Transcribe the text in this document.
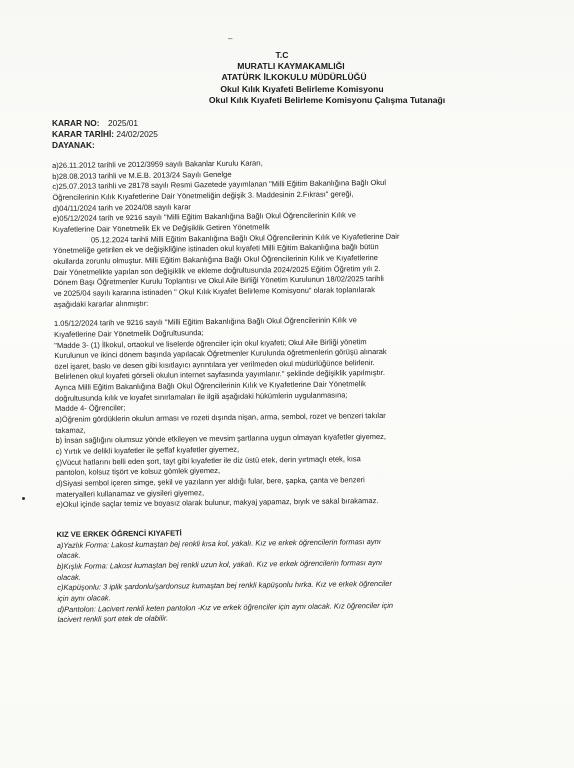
–
T.C
MURATLI KAYMAKAMLIĞI
ATATÜRK İLKOKULU MÜDÜRLÜĞÜ
Okul Kılık Kıyafeti Belirleme Komisyonu
Okul Kılık Kıyafeti Belirleme Komisyonu Çalışma Tutanağı
KARAR NO: 2025/01
KARAR TARİHİ: 24/02/2025
DAYANAK:
a)26.11.2012 tarihli ve 2012/3959 sayılı Bakanlar Kurulu Kararı,
b)28.08.2013 tarihli ve M.E.B. 2013/24 Sayılı Genelge
c)25.07.2013 tarihli ve 28178 sayılı Resmi Gazetede yayımlanan "Milli Eğitim Bakanlığına Bağlı Okul
Öğrencilerinin Kılık Kıyafetlerine Dair Yönetmeliğin değişik 3. Maddesinin 2.Fıkrası" gereği,
d)04/11/2024 tarih ve 2024/08 sayılı karar
e)05/12/2024 tarih ve 9216 sayılı "Milli Eğitim Bakanlığına Bağlı Okul Öğrencilerinin Kılık ve
Kıyafetlerine Dair Yönetmelik Ek ve Değişiklik Getiren Yönetmelik
05.12.2024 tarihli Milli Eğitim Bakanlığına Bağlı Okul Öğrencilerinin Kılık ve Kıyafetlerine Dair
Yönetmeliğe getirilen ek ve değişikliğine istinaden okul kıyafeti Milli Eğitim Bakanlığına bağlı bütün
okullarda zorunlu olmuştur. Milli Eğitim Bakanlığına Bağlı Okul Öğrencilerinin Kılık ve Kıyafetlerine
Dair Yönetmelikte yapılan son değişiklik ve ekleme doğrultusunda 2024/2025 Eğitim Öğretim yılı 2.
Dönem Başı Öğretmenler Kurulu Toplantısı ve Okul Aile Birliği Yönetim Kurulunun 18/02/2025 tarihli
ve 2025/04 sayılı kararına istinaden " Okul Kılık Kıyafet Belirleme Komisyonu" olarak toplanılarak
aşağıdaki kararlar alınmıştır:
1.05/12/2024 tarih ve 9216 sayılı "Milli Eğitim Bakanlığına Bağlı Okul Öğrencilerinin Kılık ve
Kıyafetlerine Dair Yönetmelik Doğrultusunda;
"Madde 3- (1) İlkokul, ortaokul ve liselerde öğrenciler için okul kıyafeti; Okul Aile Birliği yönetim
Kurulunun ve ikinci dönem başında yapılacak Öğretmenler Kurulunda öğretmenlerin görüşü alınarak
özel işaret, baskı ve desen gibi kısıtlayıcı ayrıntılara yer verilmeden okul müdürlüğünce belirlenir.
Belirlenen okul kıyafeti görseli okulun internet sayfasında yayımlanır." şeklinde değişiklik yapılmıştır.
Ayrıca Milli Eğitim Bakanlığına Bağlı Okul Öğrencilerinin Kılık ve Kıyafetlerine Dair Yönetmelik
doğrultusunda kılık ve kıyafet sınırlamaları ile ilgili aşağıdaki hükümlerin uygulanmasına;
Madde 4- Öğrenciler;
a)Öğrenim gördüklerin okulun arması ve rozeti dışında nişan, arma, sembol, rozet ve benzeri takılar
takamaz,
b) İnsan sağlığını olumsuz yönde etkileyen ve mevsim şartlarına uygun olmayan kıyafetler giyemez,
c) Yırtık ve delikli kıyafetler ile şeffaf kıyafetler giyemez,
ç)Vücut hatlarını belli eden şort, tayt gibi kıyafetler ile diz üstü etek, derin yırtmaçlı etek, kısa
pantolon, kolsuz tişört ve kolsuz gömlek giyemez,
d)Siyasi sembol içeren simge, şekil ve yazıların yer aldığı fular, bere, şapka, çanta ve benzeri
materyalleri kullanamaz ve giysileri giyemez,
e)Okul içinde saçlar temiz ve boyasız olarak bulunur, makyaj yapamaz, bıyık ve sakal bırakamaz.
KIZ VE ERKEK ÖĞRENCİ KIYAFETİ
a)Yazlık Forma: Lakost kumaştan bej renkli kısa kol, yakalı. Kız ve erkek öğrencilerin forması aynı
olacak.
b)Kışlık Forma: Lakost kumaştan bej renkli uzun kol, yakalı. Kız ve erkek öğrencilerin forması aynı
olacak.
c)Kapüşonlu: 3 iplik şardonlu/şardonsuz kumaştan bej renkli kapüşonlu hırka. Kız ve erkek öğrenciler
için aynı olacak.
d)Pantolon: Lacivert renkli keten pantolon -Kız ve erkek öğrenciler için aynı olacak. Kız öğrenciler için
lacivert renkli şort etek de olabilir.
